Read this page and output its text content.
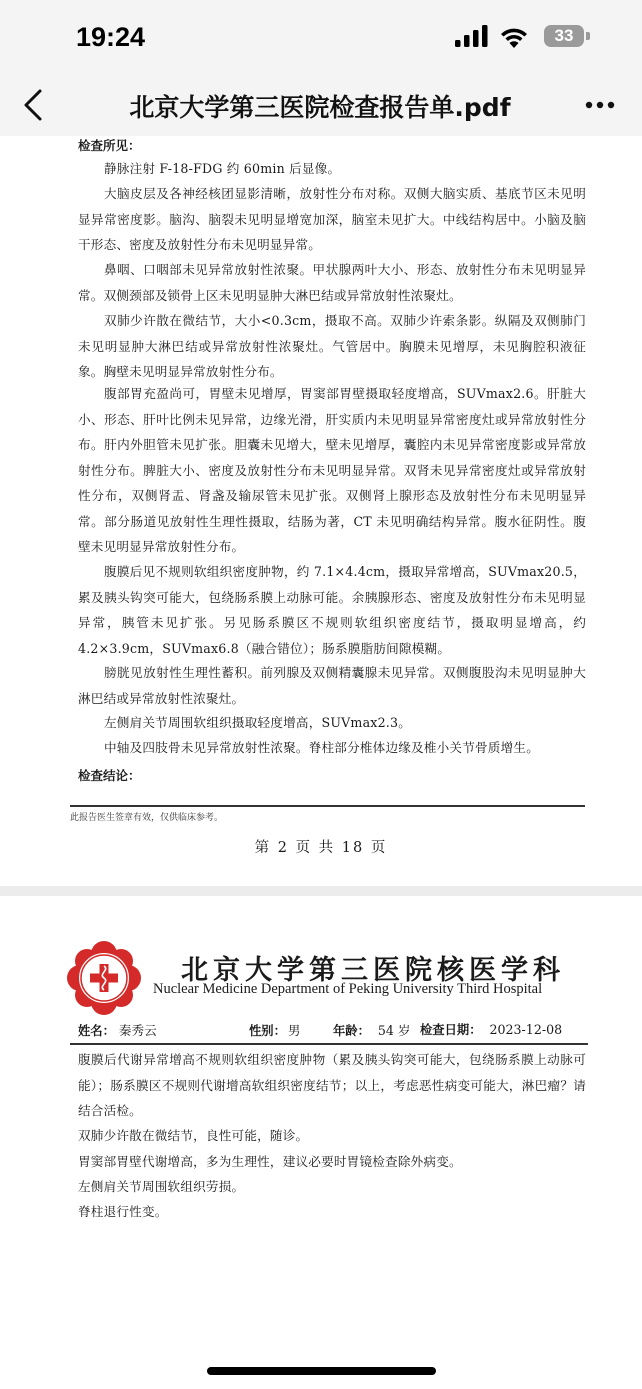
19:24	33
北京大学第三医院检查报告单.pdf
检查所见：

静脉注射 F-18-FDG 约 60min 后显像。

大脑皮层及各神经核团显影清晰，放射性分布对称。双侧大脑实质、基底节区未见明显异常密度影。脑沟、脑裂未见明显增宽加深，脑室未见扩大。中线结构居中。小脑及脑干形态、密度及放射性分布未见明显异常。

鼻咽、口咽部未见异常放射性浓聚。甲状腺两叶大小、形态、放射性分布未见明显异常。双侧颈部及锁骨上区未见明显肿大淋巴结或异常放射性浓聚灶。

双肺少许散在微结节，大小<0.3cm，摄取不高。双肺少许索条影。纵隔及双侧肺门未见明显肿大淋巴结或异常放射性浓聚灶。气管居中。胸膜未见增厚，未见胸腔积液征象。胸壁未见明显异常放射性分布。

腹部胃充盈尚可，胃壁未见增厚，胃窦部胃壁摄取轻度增高，SUVmax2.6。肝脏大小、形态、肝叶比例未见异常，边缘光滑，肝实质内未见明显异常密度灶或异常放射性分布。肝内外胆管未见扩张。胆囊未见增大，壁未见增厚，囊腔内未见异常密度影或异常放射性分布。脾脏大小、密度及放射性分布未见明显异常。双肾未见异常密度灶或异常放射性分布，双侧肾盂、肾盏及输尿管未见扩张。双侧肾上腺形态及放射性分布未见明显异常。部分肠道见放射性生理性摄取，结肠为著，CT 未见明确结构异常。腹水征阴性。腹壁未见明显异常放射性分布。

腹膜后见不规则软组织密度肿物，约 7.1×4.4cm，摄取异常增高，SUVmax20.5，累及胰头钩突可能大，包绕肠系膜上动脉可能。余胰腺形态、密度及放射性分布未见明显异常，胰管未见扩张。另见肠系膜区不规则软组织密度结节，摄取明显增高，约 4.2×3.9cm，SUVmax6.8（融合错位）；肠系膜脂肪间隙模糊。

膀胱见放射性生理性蓄积。前列腺及双侧精囊腺未见异常。双侧腹股沟未见明显肿大淋巴结或异常放射性浓聚灶。

左侧肩关节周围软组织摄取轻度增高，SUVmax2.3。

中轴及四肢骨未见异常放射性浓聚。脊柱部分椎体边缘及椎小关节骨质增生。

检查结论：
此报告医生签章有效，仅供临床参考。
第 2 页 共 18 页
北京大学第三医院核医学科
Nuclear Medicine Department of Peking University Third Hospital
姓名： 秦秀云	性别： 男	年龄： 54 岁 检查日期： 2023-12-08

腹膜后代谢异常增高不规则软组织密度肿物（累及胰头钩突可能大，包绕肠系膜上动脉可能）；肠系膜区不规则代谢增高软组织密度结节；以上，考虑恶性病变可能大，淋巴瘤？请结合活检。

双肺少许散在微结节，良性可能，随诊。

胃窦部胃壁代谢增高，多为生理性，建议必要时胃镜检查除外病变。

左侧肩关节周围软组织劳损。

脊柱退行性变。
